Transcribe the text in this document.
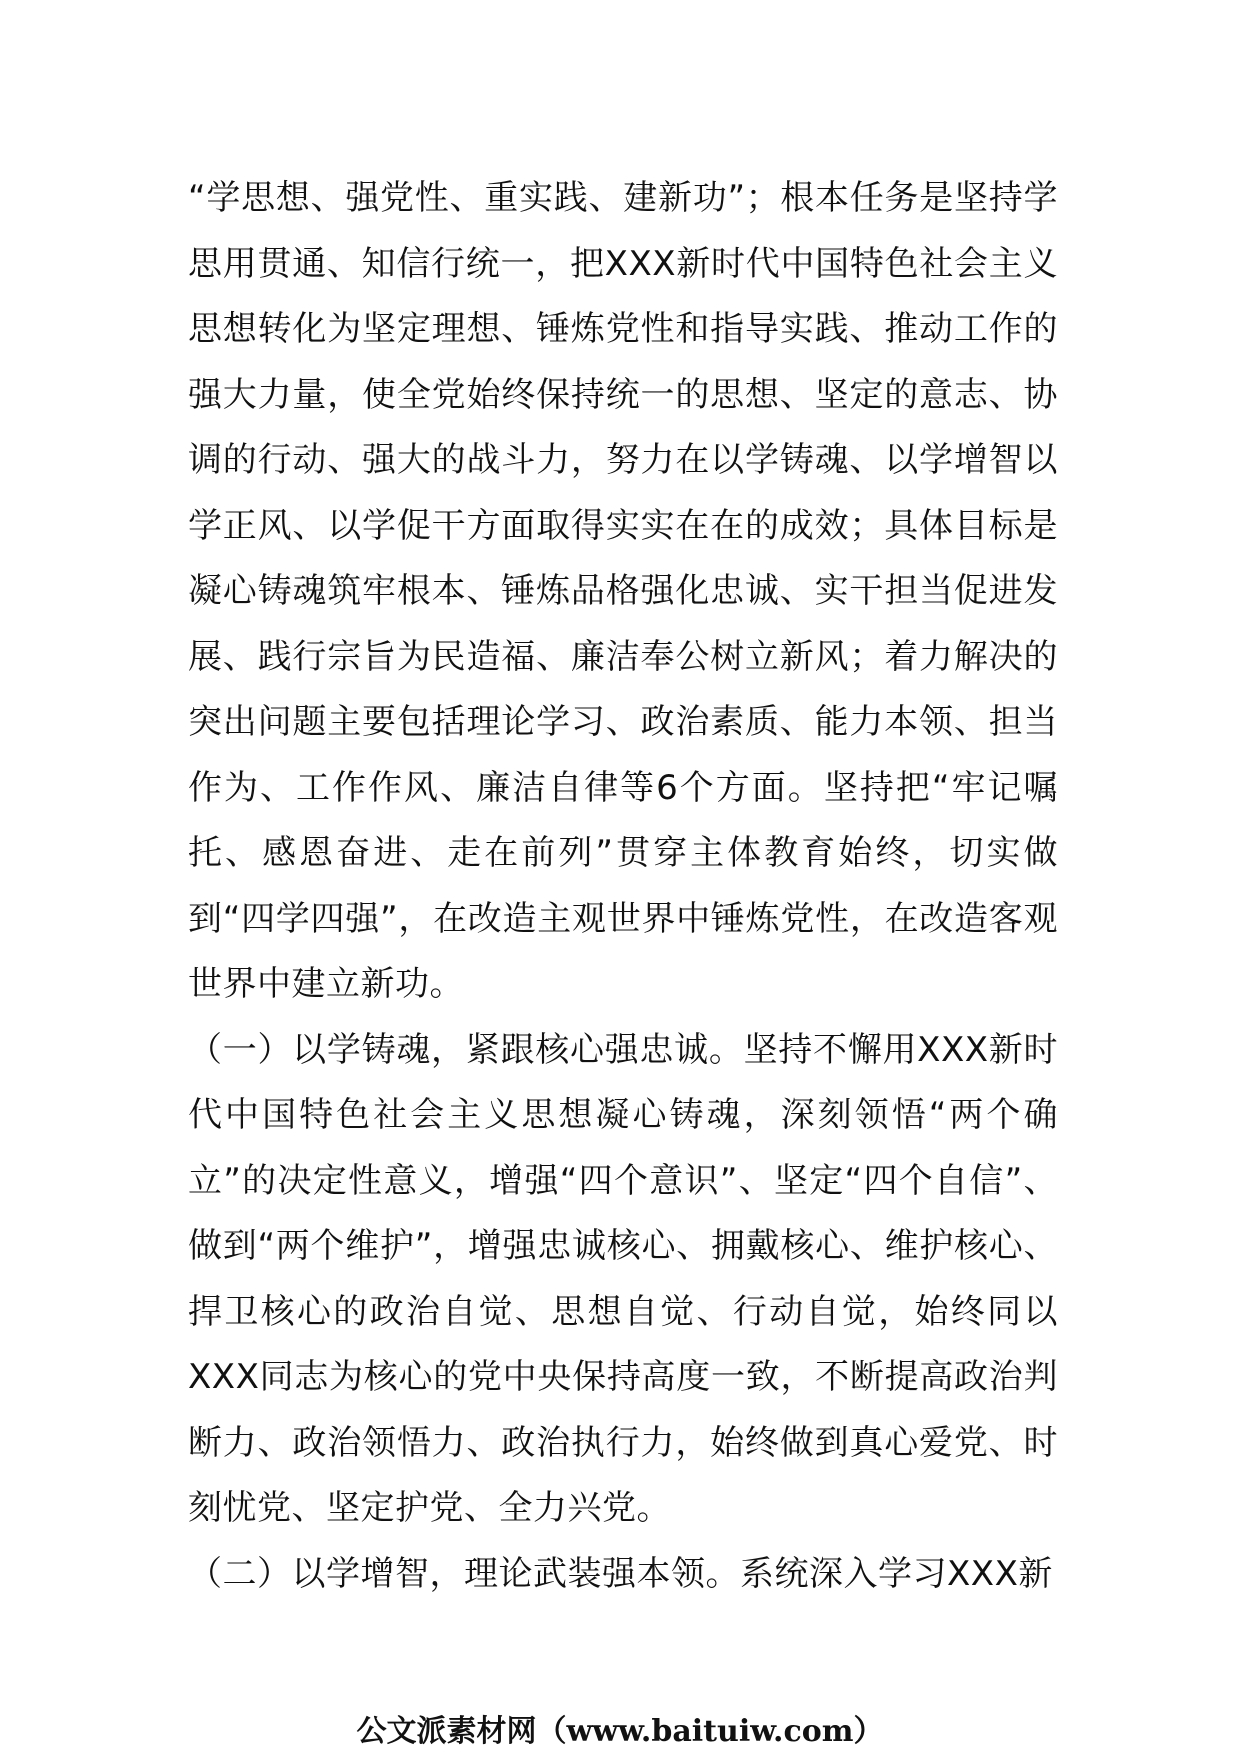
“学思想、强党性、重实践、建新功”；根本任务是坚持学思用贯通、知信行统一，把XXX新时代中国特色社会主义思想转化为坚定理想、锤炼党性和指导实践、推动工作的强大力量，使全党始终保持统一的思想、坚定的意志、协调的行动、强大的战斗力，努力在以学铸魂、以学增智以学正风、以学促干方面取得实实在在的成效；具体目标是凝心铸魂筑牢根本、锤炼品格强化忠诚、实干担当促进发展、践行宗旨为民造福、廉洁奉公树立新风；着力解决的突出问题主要包括理论学习、政治素质、能力本领、担当作为、工作作风、廉洁自律等6个方面。坚持把“牢记嘱托、感恩奋进、走在前列”贯穿主体教育始终，切实做到“四学四强”，在改造主观世界中锤炼党性，在改造客观世界中建立新功。

（一）以学铸魂，紧跟核心强忠诚。坚持不懈用XXX新时代中国特色社会主义思想凝心铸魂，深刻领悟“两个确立”的决定性意义，增强“四个意识”、坚定“四个自信”、做到“两个维护”，增强忠诚核心、拥戴核心、维护核心、捍卫核心的政治自觉、思想自觉、行动自觉，始终同以XXX同志为核心的党中央保持高度一致，不断提高政治判断力、政治领悟力、政治执行力，始终做到真心爱党、时刻忧党、坚定护党、全力兴党。

（二）以学增智，理论武装强本领。系统深入学习XXX新

公文派素材网（www.baituiw.com）
